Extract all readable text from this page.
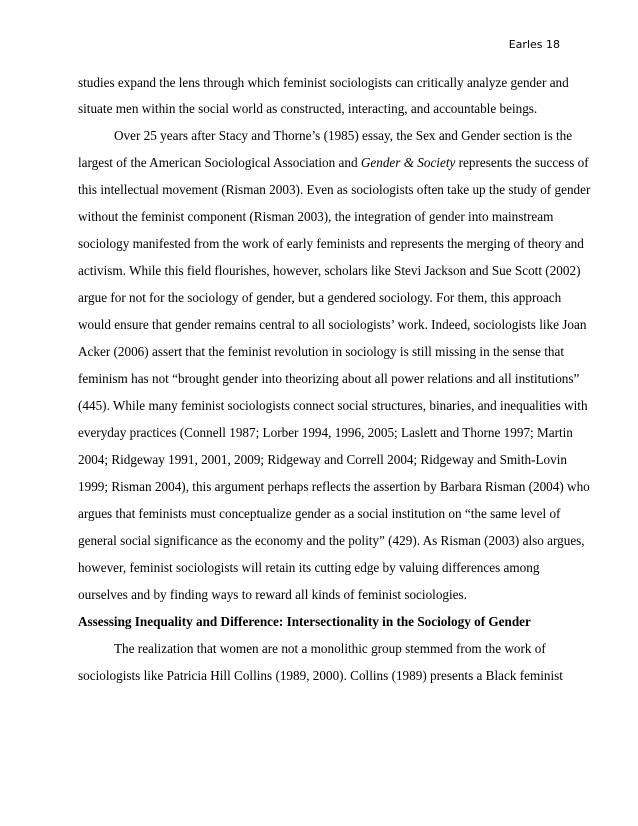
Earles 18
studies expand the lens through which feminist sociologists can critically analyze gender and
situate men within the social world as constructed, interacting, and accountable beings.
Over 25 years after Stacy and Thorne’s (1985) essay, the Sex and Gender section is the
largest of the American Sociological Association and Gender & Society represents the success of
this intellectual movement (Risman 2003). Even as sociologists often take up the study of gender
without the feminist component (Risman 2003), the integration of gender into mainstream
sociology manifested from the work of early feminists and represents the merging of theory and
activism. While this field flourishes, however, scholars like Stevi Jackson and Sue Scott (2002)
argue for not for the sociology of gender, but a gendered sociology. For them, this approach
would ensure that gender remains central to all sociologists’ work. Indeed, sociologists like Joan
Acker (2006) assert that the feminist revolution in sociology is still missing in the sense that
feminism has not “brought gender into theorizing about all power relations and all institutions”
(445). While many feminist sociologists connect social structures, binaries, and inequalities with
everyday practices (Connell 1987; Lorber 1994, 1996, 2005; Laslett and Thorne 1997; Martin
2004; Ridgeway 1991, 2001, 2009; Ridgeway and Correll 2004; Ridgeway and Smith-Lovin
1999; Risman 2004), this argument perhaps reflects the assertion by Barbara Risman (2004) who
argues that feminists must conceptualize gender as a social institution on “the same level of
general social significance as the economy and the polity” (429). As Risman (2003) also argues,
however, feminist sociologists will retain its cutting edge by valuing differences among
ourselves and by finding ways to reward all kinds of feminist sociologies.
Assessing Inequality and Difference: Intersectionality in the Sociology of Gender
The realization that women are not a monolithic group stemmed from the work of
sociologists like Patricia Hill Collins (1989, 2000). Collins (1989) presents a Black feminist
